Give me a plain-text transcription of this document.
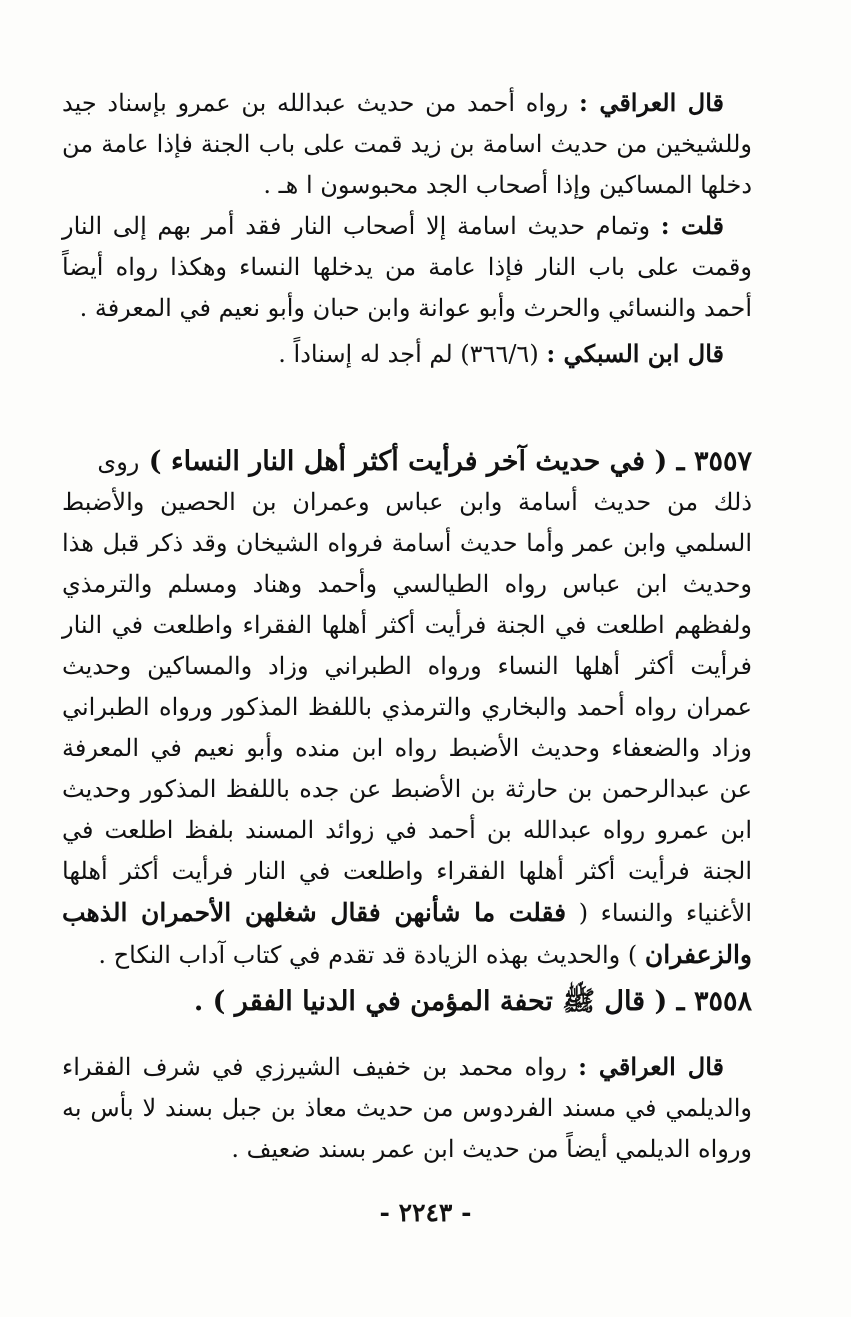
قال العراقي : رواه أحمد من حديث عبدالله بن عمرو بإسناد جيد وللشيخين من حديث اسامة بن زيد قمت على باب الجنة فإذا عامة من دخلها المساكين وإذا أصحاب الجد محبوسون ا هـ .

قلت : وتمام حديث اسامة إلا أصحاب النار فقد أمر بهم إلى النار وقمت على باب النار فإذا عامة من يدخلها النساء وهكذا رواه أيضاً أحمد والنسائي والحرث وأبو عوانة وابن حبان وأبو نعيم في المعرفة .

قال ابن السبكي : (٣٦٦/٦) لم أجد له إسناداً .

٣٥٥٧ ـ ( في حديث آخر فرأيت أكثر أهل النار النساء ) روى

ذلك من حديث أسامة وابن عباس وعمران بن الحصين والأضبط السلمي وابن عمر وأما حديث أسامة فرواه الشيخان وقد ذكر قبل هذا وحديث ابن عباس رواه الطيالسي وأحمد وهناد ومسلم والترمذي ولفظهم اطلعت في الجنة فرأيت أكثر أهلها الفقراء واطلعت في النار فرأيت أكثر أهلها النساء ورواه الطبراني وزاد والمساكين وحديث عمران رواه أحمد والبخاري والترمذي باللفظ المذكور ورواه الطبراني وزاد والضعفاء وحديث الأضبط رواه ابن منده وأبو نعيم في المعرفة عن عبدالرحمن بن حارثة بن الأضبط عن جده باللفظ المذكور وحديث ابن عمرو رواه عبدالله بن أحمد في زوائد المسند بلفظ اطلعت في الجنة فرأيت أكثر أهلها الفقراء واطلعت في النار فرأيت أكثر أهلها الأغنياء والنساء ( فقلت ما شأنهن فقال شغلهن الأحمران الذهب والزعفران ) والحديث بهذه الزيادة قد تقدم في كتاب آداب النكاح .

٣٥٥٨ ـ ( قال ﷺ تحفة المؤمن في الدنيا الفقر ) .

قال العراقي : رواه محمد بن خفيف الشيرزي في شرف الفقراء والديلمي في مسند الفردوس من حديث معاذ بن جبل بسند لا بأس به ورواه الديلمي أيضاً من حديث ابن عمر بسند ضعيف .

- ٢٢٤٣ -
